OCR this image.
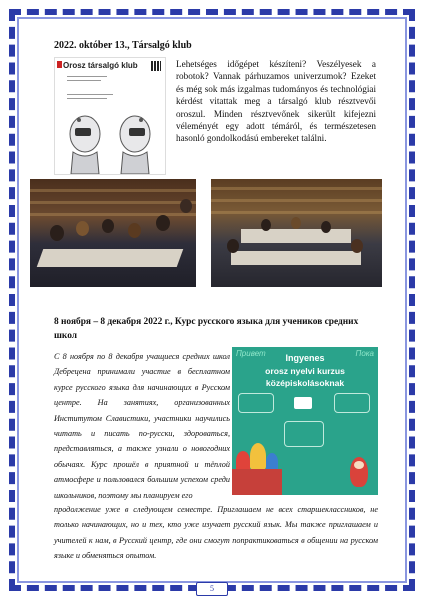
2022. október 13., Társalgó klub
Orosz társalgó klub	Lehetséges időgépet készíteni? Veszélyesek a robotok? Vannak párhuzamos univerzumok? Ezeket és még sok más izgalmas tudományos és technológiai kérdést vitattak meg a társalgó klub résztvevői oroszul. Minden résztvevőnek sikerült kifejezni véleményét egy adott témáról, és természetesen hasonló gondolkodású embereket találni.
8 ноября – 8 декабря 2022 г., Курс русского языка для учеников средних школ
С 8 ноября по 8 декабря учащиеся средних школ Дебрецена принимали участие в бесплатном курсе русского языка для начинающих в Русском центре. На занятиях, организованных Институтом Славистики, участники научились читать и писать по-русски, здороваться, представляться, а также узнали о новогодних обычаях. Курс прошёл в приятной и тёплой атмосфере и пользовался большим успехом среди школьников, поэтому мы планируем его
Привет	Пока
Ingyenes
orosz nyelvi kurzus
középiskolásoknak
продолжение уже в следующем семестре. Приглашаем не всех старшеклассников, не только начинающих, но и тех, кто уже изучает русский язык. Мы также приглашаем и учителей к нам, в Русский центр, где они смогут попрактиковаться в общении на русском языке и обменяться опытом.
5
